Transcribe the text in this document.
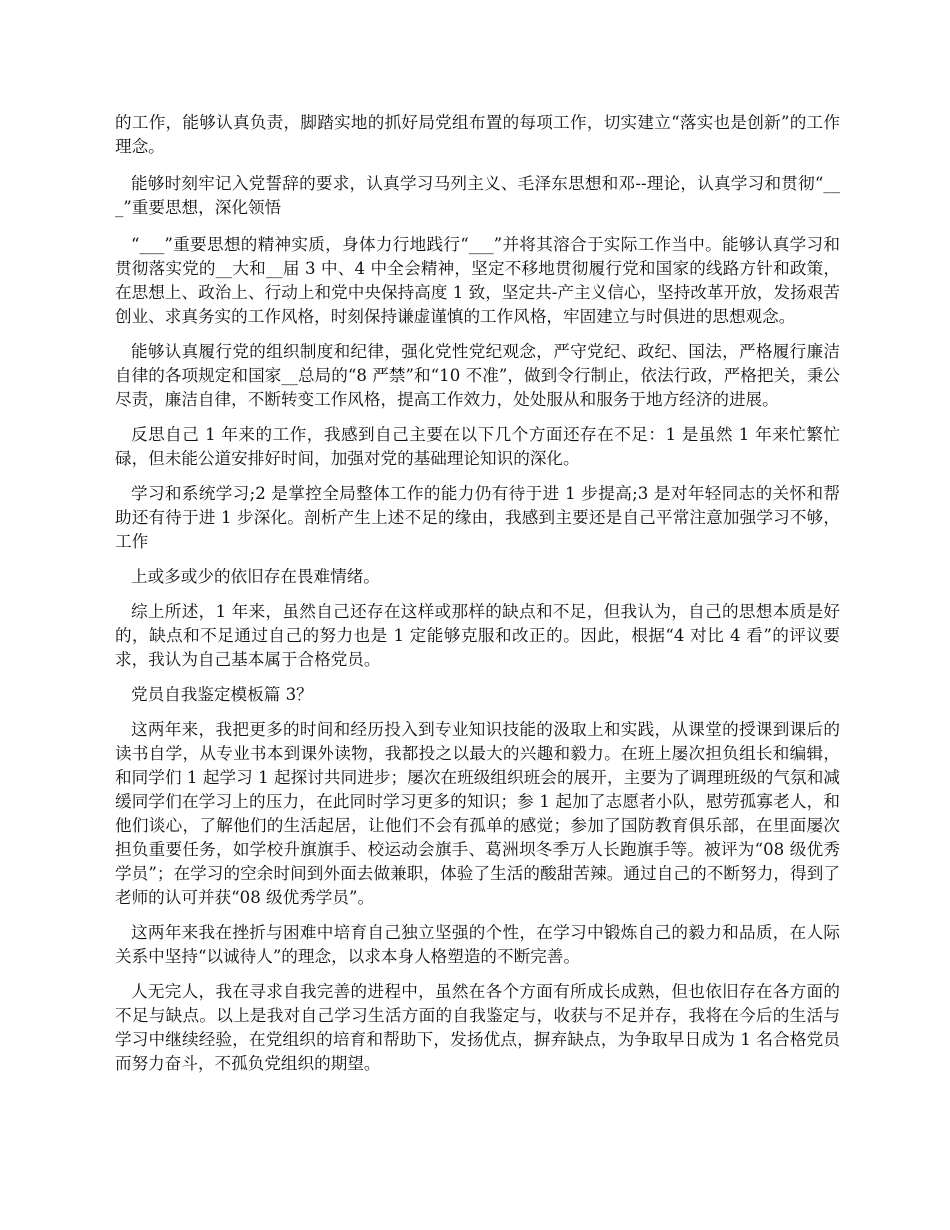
的工作，能够认真负责，脚踏实地的抓好局党组布置的每项工作，切实建立“落实也是创新”的工作理念。

能够时刻牢记入党誓辞的要求，认真学习马列主义、毛泽东思想和邓--理论，认真学习和贯彻“___”重要思想，深化领悟

“___”重要思想的精神实质，身体力行地践行“___”并将其溶合于实际工作当中。能够认真学习和贯彻落实党的__大和__届 3 中、4 中全会精神，坚定不移地贯彻履行党和国家的线路方针和政策，在思想上、政治上、行动上和党中央保持高度 1 致，坚定共-产主义信心，坚持改革开放，发扬艰苦创业、求真务实的工作风格，时刻保持谦虚谨慎的工作风格，牢固建立与时俱进的思想观念。

能够认真履行党的组织制度和纪律，强化党性党纪观念，严守党纪、政纪、国法，严格履行廉洁自律的各项规定和国家__总局的“8 严禁”和“10 不准”，做到令行制止，依法行政，严格把关，秉公尽责，廉洁自律，不断转变工作风格，提高工作效力，处处服从和服务于地方经济的进展。

反思自己 1 年来的工作，我感到自己主要在以下几个方面还存在不足：1 是虽然 1 年来忙繁忙碌，但未能公道安排好时间，加强对党的基础理论知识的深化。

学习和系统学习;2 是掌控全局整体工作的能力仍有待于进 1 步提高;3 是对年轻同志的关怀和帮助还有待于进 1 步深化。剖析产生上述不足的缘由，我感到主要还是自己平常注意加强学习不够，工作

上或多或少的依旧存在畏难情绪。

综上所述，1 年来，虽然自己还存在这样或那样的缺点和不足，但我认为，自己的思想本质是好的，缺点和不足通过自己的努力也是 1 定能够克服和改正的。因此，根据“4 对比 4 看”的评议要求，我认为自己基本属于合格党员。

党员自我鉴定模板篇 3？

这两年来，我把更多的时间和经历投入到专业知识技能的汲取上和实践，从课堂的授课到课后的读书自学，从专业书本到课外读物，我都投之以最大的兴趣和毅力。在班上屡次担负组长和编辑，和同学们 1 起学习 1 起探讨共同进步；屡次在班级组织班会的展开，主要为了调理班级的气氛和减缓同学们在学习上的压力，在此同时学习更多的知识；参 1 起加了志愿者小队，慰劳孤寡老人，和他们谈心，了解他们的生活起居，让他们不会有孤单的感觉；参加了国防教育俱乐部，在里面屡次担负重要任务，如学校升旗旗手、校运动会旗手、葛洲坝冬季万人长跑旗手等。被评为“08 级优秀学员”；在学习的空余时间到外面去做兼职，体验了生活的酸甜苦辣。通过自己的不断努力，得到了老师的认可并获“08 级优秀学员”。

这两年来我在挫折与困难中培育自己独立坚强的个性，在学习中锻炼自己的毅力和品质，在人际关系中坚持“以诚待人”的理念，以求本身人格塑造的不断完善。

人无完人，我在寻求自我完善的进程中，虽然在各个方面有所成长成熟，但也依旧存在各方面的不足与缺点。以上是我对自己学习生活方面的自我鉴定与，收获与不足并存，我将在今后的生活与学习中继续经验，在党组织的培育和帮助下，发扬优点，摒弃缺点，为争取早日成为 1 名合格党员而努力奋斗，不孤负党组织的期望。
